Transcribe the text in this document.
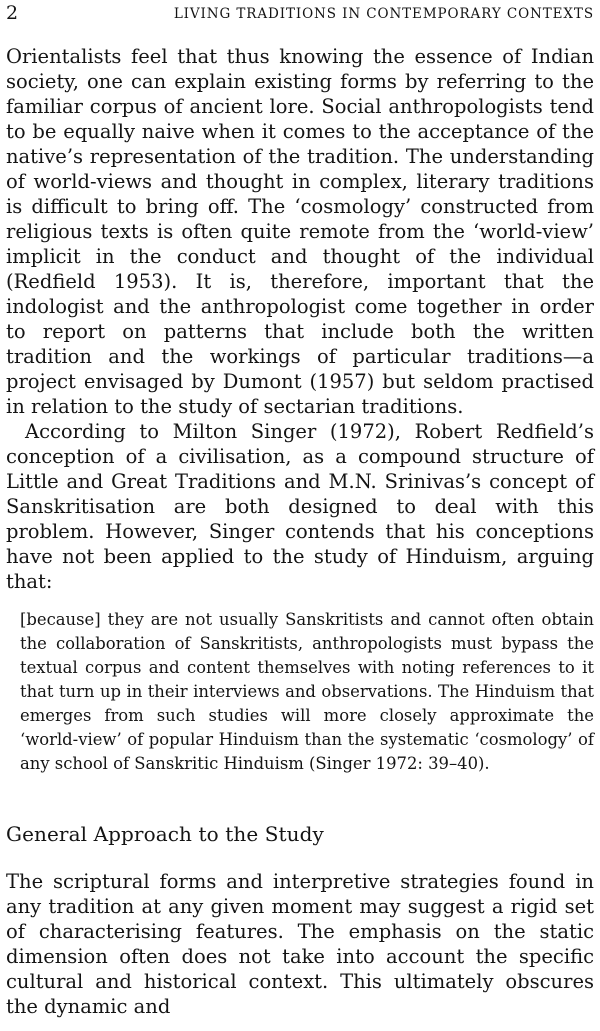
2	LIVING TRADITIONS IN CONTEMPORARY CONTEXTS

Orientalists feel that thus knowing the essence of Indian society, one can explain existing forms by referring to the familiar corpus of ancient lore. Social anthropologists tend to be equally naive when it comes to the acceptance of the native’s representation of the tradition. The understanding of world-views and thought in complex, literary traditions is difficult to bring off. The ‘cosmology’ constructed from religious texts is often quite remote from the ‘world-view’ implicit in the conduct and thought of the individual (Redfield 1953). It is, therefore, important that the indologist and the anthropologist come together in order to report on patterns that include both the written tradition and the workings of particular traditions—a project envisaged by Dumont (1957) but seldom practised in relation to the study of sectarian traditions.

According to Milton Singer (1972), Robert Redfield’s conception of a civilisation, as a compound structure of Little and Great Traditions and M.N. Srinivas’s concept of Sanskritisation are both designed to deal with this problem. However, Singer contends that his conceptions have not been applied to the study of Hinduism, arguing that:

[because] they are not usually Sanskritists and cannot often obtain the collaboration of Sanskritists, anthropologists must bypass the textual corpus and content themselves with noting references to it that turn up in their interviews and observations. The Hinduism that emerges from such studies will more closely approximate the ‘world-view’ of popular Hinduism than the systematic ‘cosmology’ of any school of Sanskritic Hinduism (Singer 1972: 39–40).

General Approach to the Study

The scriptural forms and interpretive strategies found in any tradition at any given moment may suggest a rigid set of characterising features. The emphasis on the static dimension often does not take into account the specific cultural and historical context. This ultimately obscures the dynamic and
